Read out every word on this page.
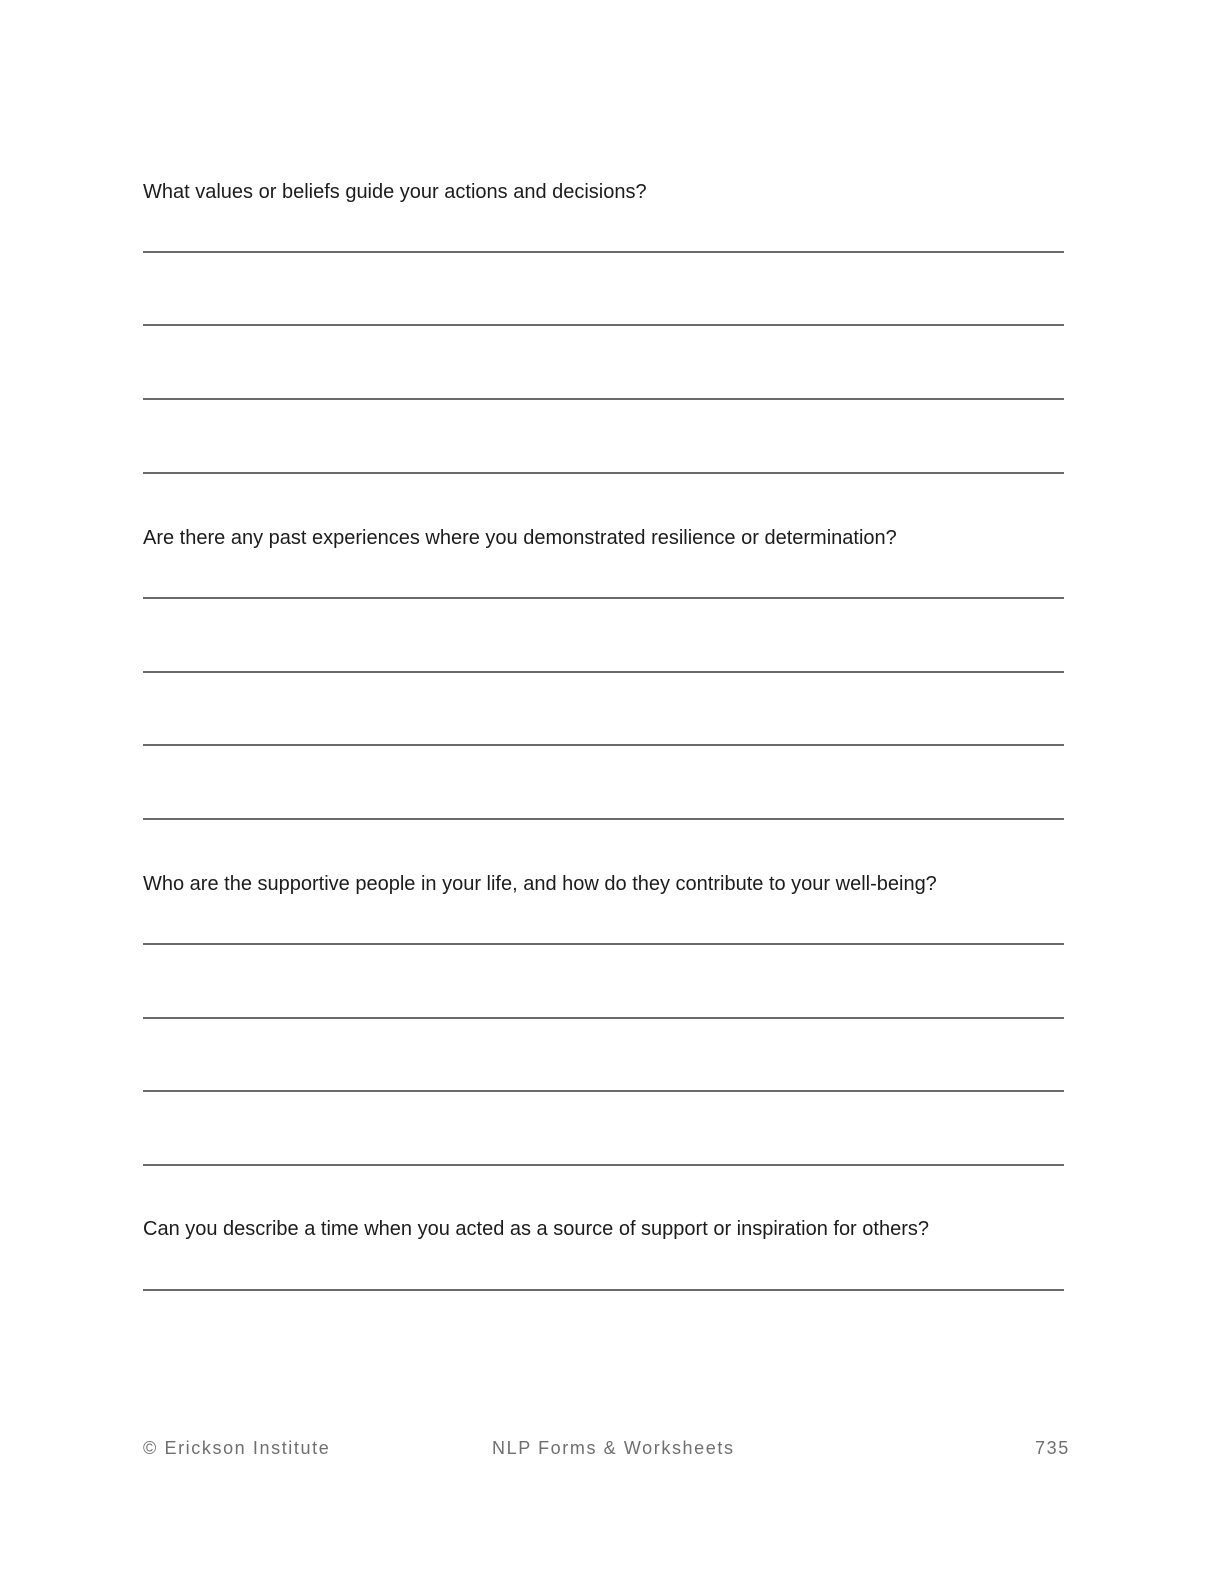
What values or beliefs guide your actions and decisions?
Are there any past experiences where you demonstrated resilience or determination?
Who are the supportive people in your life, and how do they contribute to your well-being?
Can you describe a time when you acted as a source of support or inspiration for others?
© Erickson Institute	NLP Forms & Worksheets	735
